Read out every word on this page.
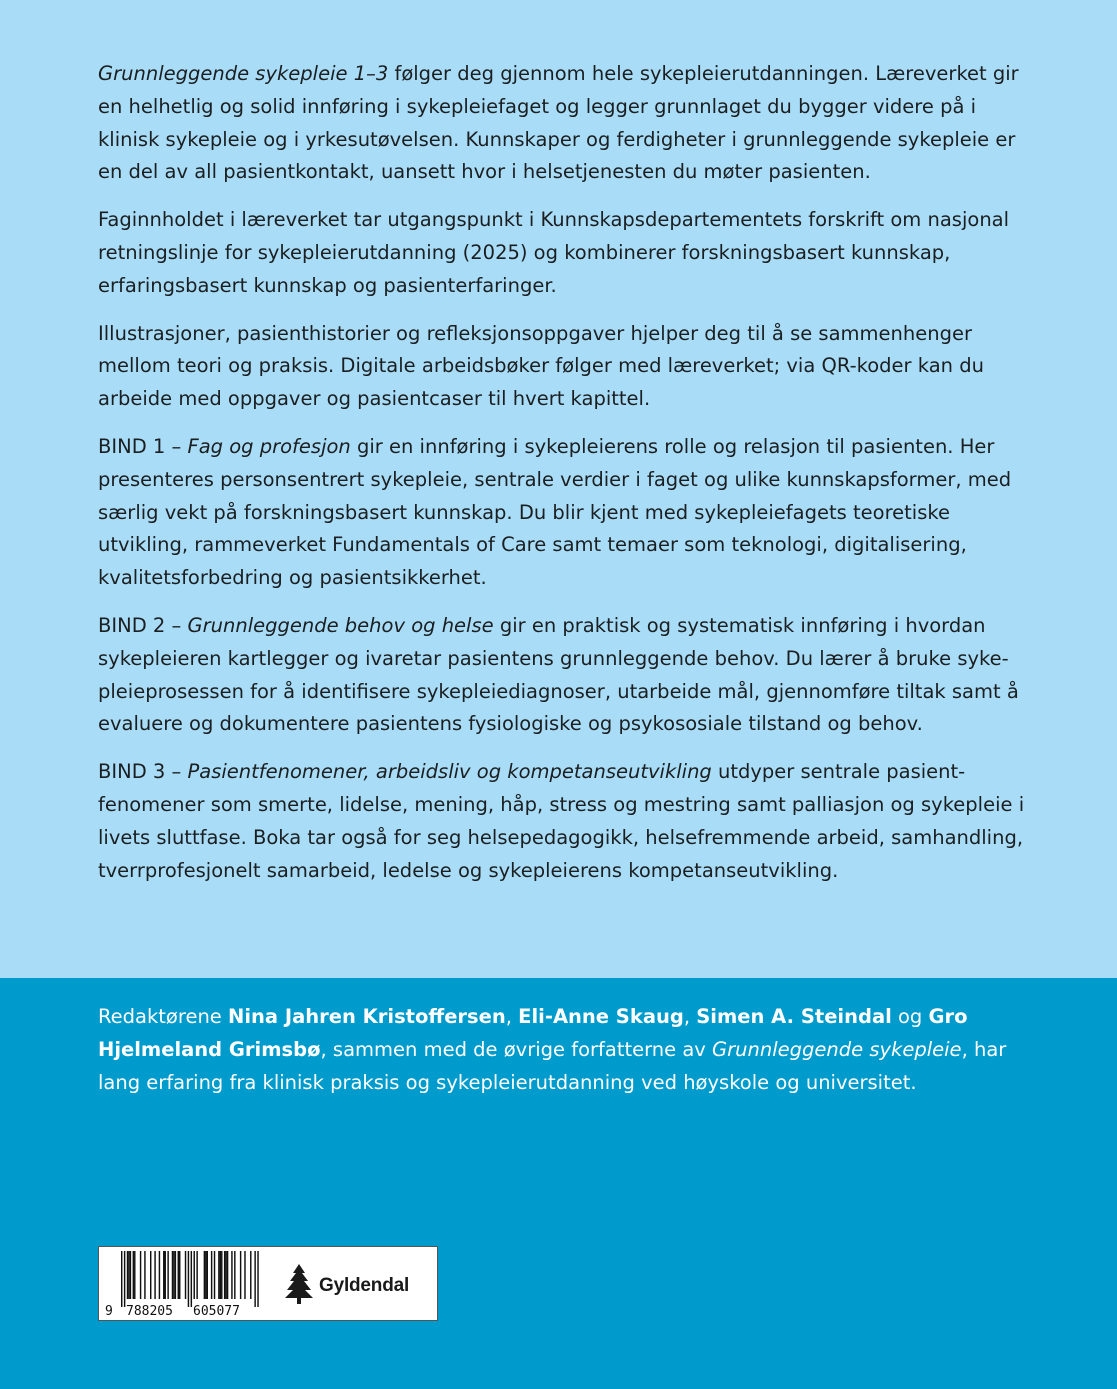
Grunnleggende sykepleie 1–3 følger deg gjennom hele sykepleierutdanningen. Læreverket gir en helhetlig og solid innføring i sykepleiefaget og legger grunnlaget du bygger videre på i klinisk sykepleie og i yrkesutøvelsen. Kunnskaper og ferdigheter i grunnleggende sykepleie er en del av all pasientkontakt, uansett hvor i helsetjenesten du møter pasienten.

Faginnholdet i læreverket tar utgangspunkt i Kunnskapsdepartementets forskrift om nasjonal retningslinje for sykepleierutdanning (2025) og kombinerer forskningsbasert kunnskap, erfaringsbasert kunnskap og pasienterfaringer.

Illustrasjoner, pasienthistorier og refleksjonsoppgaver hjelper deg til å se sammenhenger mellom teori og praksis. Digitale arbeidsbøker følger med læreverket; via QR-koder kan du arbeide med oppgaver og pasientcaser til hvert kapittel.

BIND 1 – Fag og profesjon gir en innføring i sykepleierens rolle og relasjon til pasienten. Her presenteres personsentrert sykepleie, sentrale verdier i faget og ulike kunnskapsformer, med særlig vekt på forskningsbasert kunnskap. Du blir kjent med sykepleiefagets teoretiske utvikling, rammeverket Fundamentals of Care samt temaer som teknologi, digitalisering, kvalitetsforbedring og pasientsikkerhet.

BIND 2 – Grunnleggende behov og helse gir en praktisk og systematisk innføring i hvordan sykepleieren kartlegger og ivaretar pasientens grunnleggende behov. Du lærer å bruke sykepleieprosessen for å identifisere sykepleiediagnoser, utarbeide mål, gjennomføre tiltak samt å evaluere og dokumentere pasientens fysiologiske og psykososiale tilstand og behov.

BIND 3 – Pasientfenomener, arbeidsliv og kompetanseutvikling utdyper sentrale pasientfenomener som smerte, lidelse, mening, håp, stress og mestring samt palliasjon og sykepleie i livets sluttfase. Boka tar også for seg helsepedagogikk, helsefremmende arbeid, samhandling, tverrprofesjonelt samarbeid, ledelse og sykepleierens kompetanseutvikling.

Redaktørene Nina Jahren Kristoffersen, Eli-Anne Skaug, Simen A. Steindal og Gro Hjelmeland Grimsbø, sammen med de øvrige forfatterne av Grunnleggende sykepleie, har lang erfaring fra klinisk praksis og sykepleierutdanning ved høyskole og universitet.
9 788205 605077
Gyldendal
